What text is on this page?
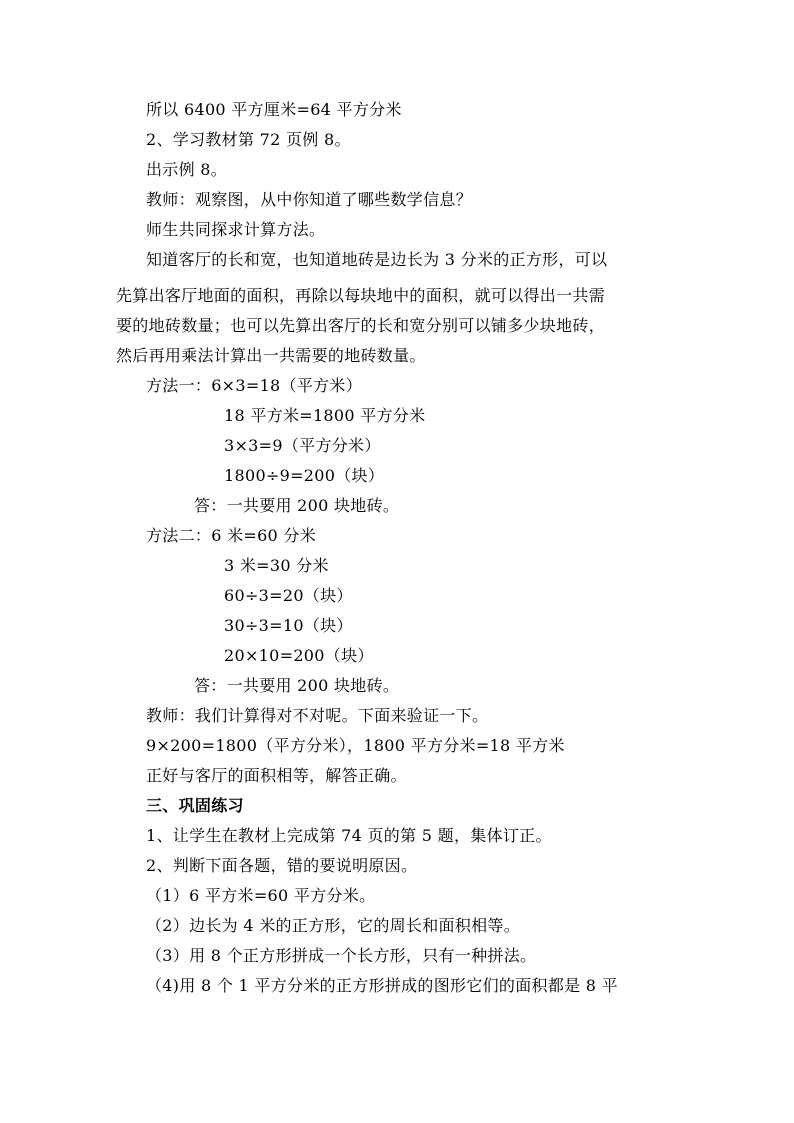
所以 6400 平方厘米=64 平方分米
2、学习教材第 72 页例 8。
出示例 8。
教师：观察图，从中你知道了哪些数学信息？
师生共同探求计算方法。
知道客厅的长和宽，也知道地砖是边长为 3 分米的正方形，可以
先算出客厅地面的面积，再除以每块地中的面积，就可以得出一共需
要的地砖数量；也可以先算出客厅的长和宽分别可以铺多少块地砖，
然后再用乘法计算出一共需要的地砖数量。
方法一：6×3=18（平方米）
18 平方米=1800 平方分米
3×3=9（平方分米）
1800÷9=200（块）
答：一共要用 200 块地砖。
方法二：6 米=60 分米
3 米=30 分米
60÷3=20（块）
30÷3=10（块）
20×10=200（块）
答：一共要用 200 块地砖。
教师：我们计算得对不对呢。下面来验证一下。
9×200=1800（平方分米），1800 平方分米=18 平方米
正好与客厅的面积相等，解答正确。
三、巩固练习
1、让学生在教材上完成第 74 页的第 5 题，集体订正。
2、判断下面各题，错的要说明原因。
（1）6 平方米=60 平方分米。
（2）边长为 4 米的正方形，它的周长和面积相等。
（3）用 8 个正方形拼成一个长方形，只有一种拼法。
（4)用 8 个 1 平方分米的正方形拼成的图形它们的面积都是 8 平
